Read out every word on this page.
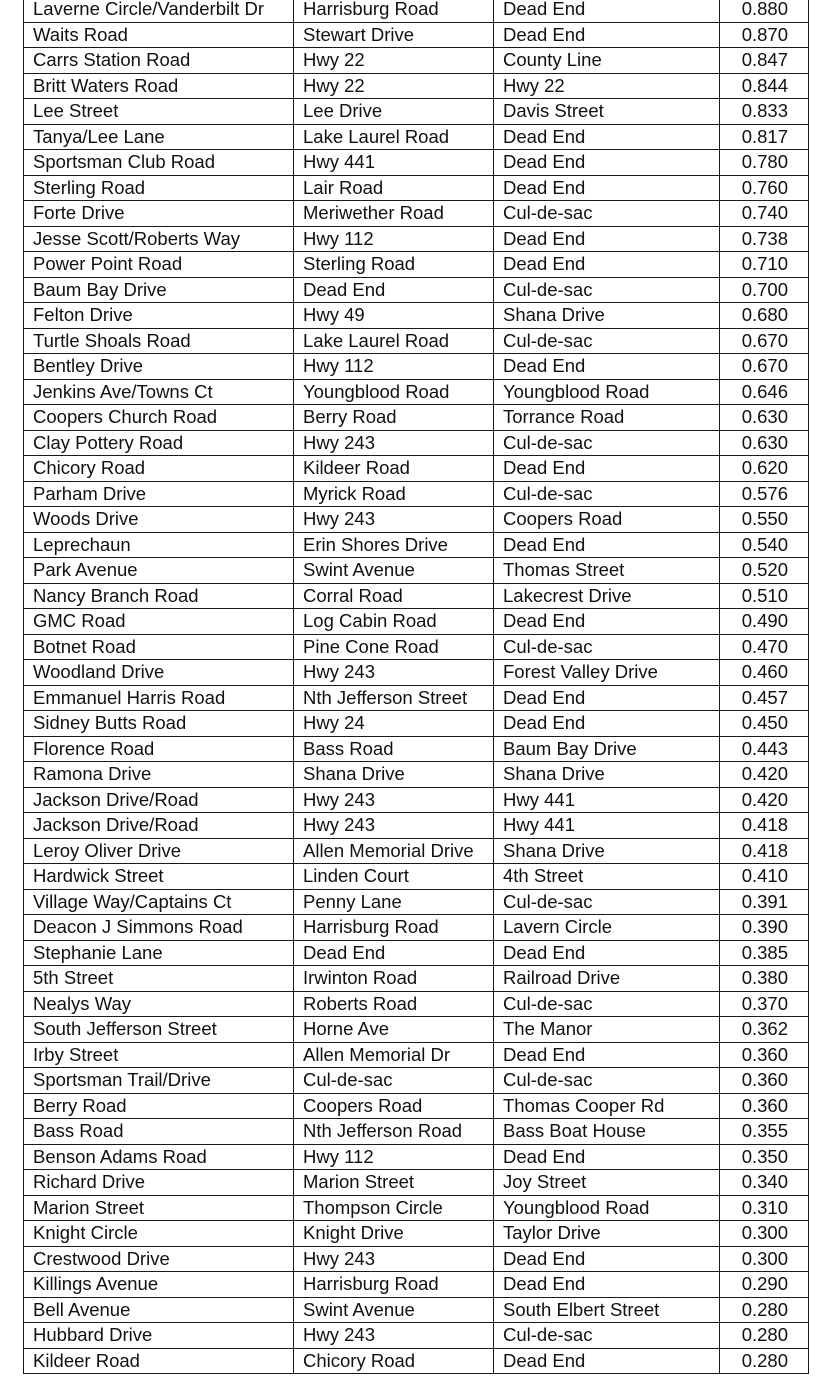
Laverne Circle/Vanderbilt Dr	Harrisburg Road	Dead End	0.880
Waits Road	Stewart Drive	Dead End	0.870
Carrs Station Road	Hwy 22	County Line	0.847
Britt Waters Road	Hwy 22	Hwy 22	0.844
Lee Street	Lee Drive	Davis Street	0.833
Tanya/Lee Lane	Lake Laurel Road	Dead End	0.817
Sportsman Club Road	Hwy 441	Dead End	0.780
Sterling Road	Lair Road	Dead End	0.760
Forte Drive	Meriwether Road	Cul-de-sac	0.740
Jesse Scott/Roberts Way	Hwy 112	Dead End	0.738
Power Point Road	Sterling Road	Dead End	0.710
Baum Bay Drive	Dead End	Cul-de-sac	0.700
Felton Drive	Hwy 49	Shana Drive	0.680
Turtle Shoals Road	Lake Laurel Road	Cul-de-sac	0.670
Bentley Drive	Hwy 112	Dead End	0.670
Jenkins Ave/Towns Ct	Youngblood Road	Youngblood Road	0.646
Coopers Church Road	Berry Road	Torrance Road	0.630
Clay Pottery Road	Hwy 243	Cul-de-sac	0.630
Chicory Road	Kildeer Road	Dead End	0.620
Parham Drive	Myrick Road	Cul-de-sac	0.576
Woods Drive	Hwy 243	Coopers Road	0.550
Leprechaun	Erin Shores Drive	Dead End	0.540
Park Avenue	Swint Avenue	Thomas Street	0.520
Nancy Branch Road	Corral Road	Lakecrest Drive	0.510
GMC Road	Log Cabin Road	Dead End	0.490
Botnet Road	Pine Cone Road	Cul-de-sac	0.470
Woodland Drive	Hwy 243	Forest Valley Drive	0.460
Emmanuel Harris Road	Nth Jefferson Street	Dead End	0.457
Sidney Butts Road	Hwy 24	Dead End	0.450
Florence Road	Bass Road	Baum Bay Drive	0.443
Ramona Drive	Shana Drive	Shana Drive	0.420
Jackson Drive/Road	Hwy 243	Hwy 441	0.420
Jackson Drive/Road	Hwy 243	Hwy 441	0.418
Leroy Oliver Drive	Allen Memorial Drive	Shana Drive	0.418
Hardwick Street	Linden Court	4th Street	0.410
Village Way/Captains Ct	Penny Lane	Cul-de-sac	0.391
Deacon J Simmons Road	Harrisburg Road	Lavern Circle	0.390
Stephanie Lane	Dead End	Dead End	0.385
5th Street	Irwinton Road	Railroad Drive	0.380
Nealys Way	Roberts Road	Cul-de-sac	0.370
South Jefferson Street	Horne Ave	The Manor	0.362
Irby Street	Allen Memorial Dr	Dead End	0.360
Sportsman Trail/Drive	Cul-de-sac	Cul-de-sac	0.360
Berry Road	Coopers Road	Thomas Cooper Rd	0.360
Bass Road	Nth Jefferson Road	Bass Boat House	0.355
Benson Adams Road	Hwy 112	Dead End	0.350
Richard Drive	Marion Street	Joy Street	0.340
Marion Street	Thompson Circle	Youngblood Road	0.310
Knight Circle	Knight Drive	Taylor Drive	0.300
Crestwood Drive	Hwy 243	Dead End	0.300
Killings Avenue	Harrisburg Road	Dead End	0.290
Bell Avenue	Swint Avenue	South Elbert Street	0.280
Hubbard Drive	Hwy 243	Cul-de-sac	0.280
Kildeer Road	Chicory Road	Dead End	0.280
